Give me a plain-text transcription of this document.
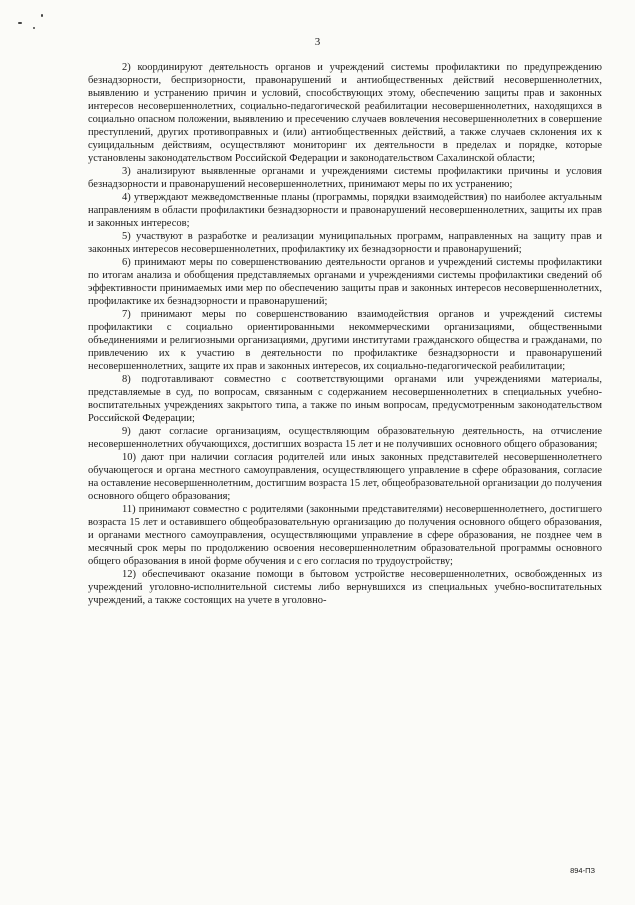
3

2) координируют деятельность органов и учреждений системы профилактики по предупреждению безнадзорности, беспризорности, правонарушений и антиобщественных действий несовершеннолетних, выявлению и устранению причин и условий, способствующих этому, обеспечению защиты прав и законных интересов несовершеннолетних, социально-педагогической реабилитации несовершеннолетних, находящихся в социально опасном положении, выявлению и пресечению случаев вовлечения несовершеннолетних в совершение преступлений, других противоправных и (или) антиобщественных действий, а также случаев склонения их к суицидальным действиям, осуществляют мониторинг их деятельности в пределах и порядке, которые установлены законодательством Российской Федерации и законодательством Сахалинской области;

3) анализируют выявленные органами и учреждениями системы профилактики причины и условия безнадзорности и правонарушений несовершеннолетних, принимают меры по их устранению;

4) утверждают межведомственные планы (программы, порядки взаимодействия) по наиболее актуальным направлениям в области профилактики безнадзорности и правонарушений несовершеннолетних, защиты их прав и законных интересов;

5) участвуют в разработке и реализации муниципальных программ, направленных на защиту прав и законных интересов несовершеннолетних, профилактику их безнадзорности и правонарушений;

6) принимают меры по совершенствованию деятельности органов и учреждений системы профилактики по итогам анализа и обобщения представляемых органами и учреждениями системы профилактики сведений об эффективности принимаемых ими мер по обеспечению защиты прав и законных интересов несовершеннолетних, профилактике их безнадзорности и правонарушений;

7) принимают меры по совершенствованию взаимодействия органов и учреждений системы профилактики с социально ориентированными некоммерческими организациями, общественными объединениями и религиозными организациями, другими институтами гражданского общества и гражданами, по привлечению их к участию в деятельности по профилактике безнадзорности и правонарушений несовершеннолетних, защите их прав и законных интересов, их социально-педагогической реабилитации;

8) подготавливают совместно с соответствующими органами или учреждениями материалы, представляемые в суд, по вопросам, связанным с содержанием несовершеннолетних в специальных учебно-воспитательных учреждениях закрытого типа, а также по иным вопросам, предусмотренным законодательством Российской Федерации;

9) дают согласие организациям, осуществляющим образовательную деятельность, на отчисление несовершеннолетних обучающихся, достигших возраста 15 лет и не получивших основного общего образования;

10) дают при наличии согласия родителей или иных законных представителей несовершеннолетнего обучающегося и органа местного самоуправления, осуществляющего управление в сфере образования, согласие на оставление несовершеннолетним, достигшим возраста 15 лет, общеобразовательной организации до получения основного общего образования;

11) принимают совместно с родителями (законными представителями) несовершеннолетнего, достигшего возраста 15 лет и оставившего общеобразовательную организацию до получения основного общего образования, и органами местного самоуправления, осуществляющими управление в сфере образования, не позднее чем в месячный срок меры по продолжению освоения несовершеннолетним образовательной программы основного общего образования в иной форме обучения и с его согласия по трудоустройству;

12) обеспечивают оказание помощи в бытовом устройстве несовершеннолетних, освобожденных из учреждений уголовно-исполнительной системы либо вернувшихся из специальных учебно-воспитательных учреждений, а также состоящих на учете в уголовно-

894-ПЗ
